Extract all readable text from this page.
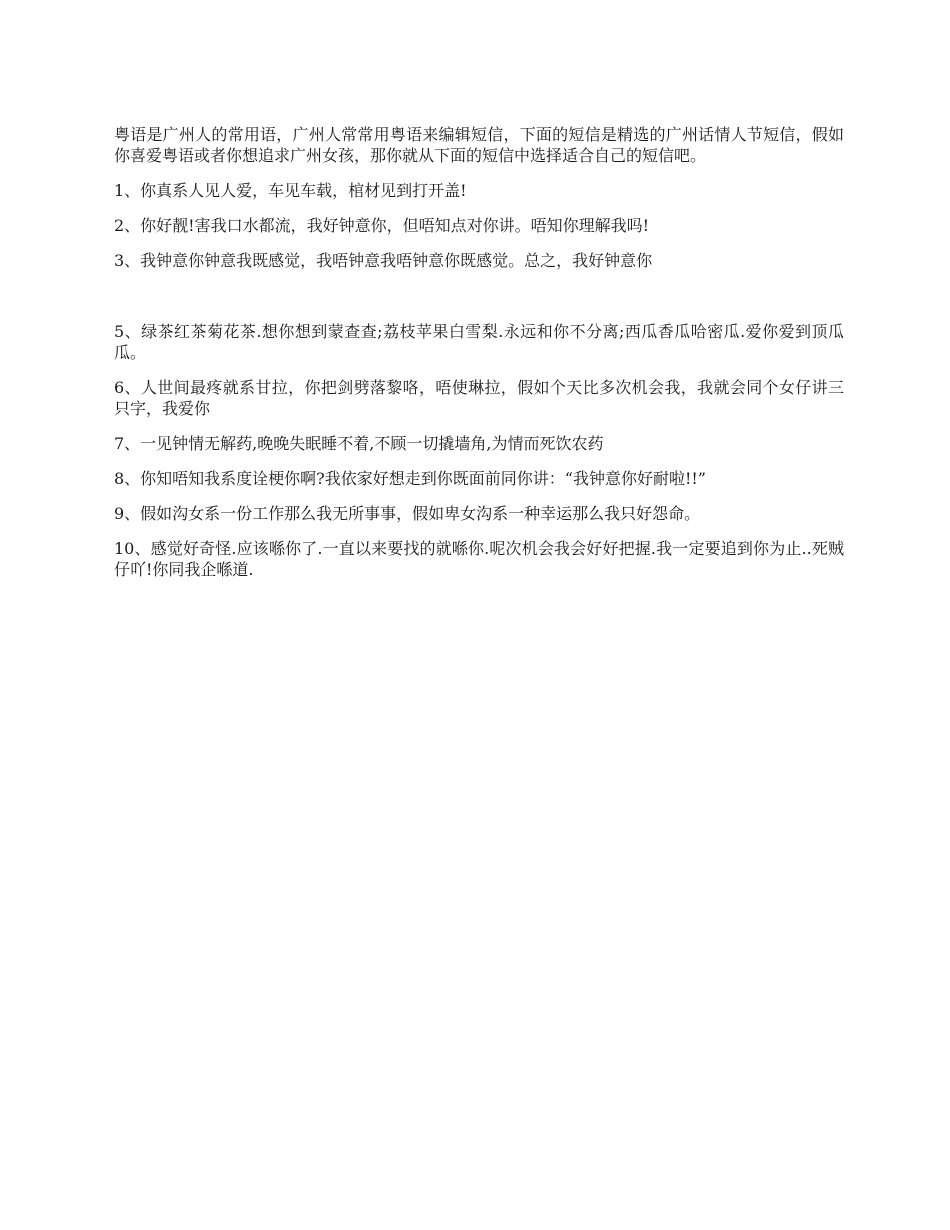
粤语是广州人的常用语，广州人常常用粤语来编辑短信，下面的短信是精选的广州话情人节短信，假如你喜爱粤语或者你想追求广州女孩，那你就从下面的短信中选择适合自己的短信吧。

1、你真系人见人爱，车见车载，棺材见到打开盖!

2、你好靓!害我口水都流，我好钟意你，但唔知点对你讲。唔知你理解我吗!

3、我钟意你钟意我既感觉，我唔钟意我唔钟意你既感觉。总之，我好钟意你

5、绿茶红茶菊花茶.想你想到蒙查查;荔枝苹果白雪梨.永远和你不分离;西瓜香瓜哈密瓜.爱你爱到顶瓜瓜。

6、人世间最疼就系甘拉，你把剑劈落黎咯，唔使琳拉，假如个天比多次机会我，我就会同个女仔讲三只字，我爱你

7、一见钟情无解药,晚晚失眠睡不着,不顾一切撬墙角,为情而死饮农药

8、你知唔知我系度诠梗你啊?我依家好想走到你既面前同你讲：“我钟意你好耐啦!!”

9、假如沟女系一份工作那么我无所事事，假如卑女沟系一种幸运那么我只好怨命。

10、感觉好奇怪.应该喺你了.一直以来要找的就喺你.呢次机会我会好好把握.我一定要追到你为止..死贼仔吖!你同我企喺道.
